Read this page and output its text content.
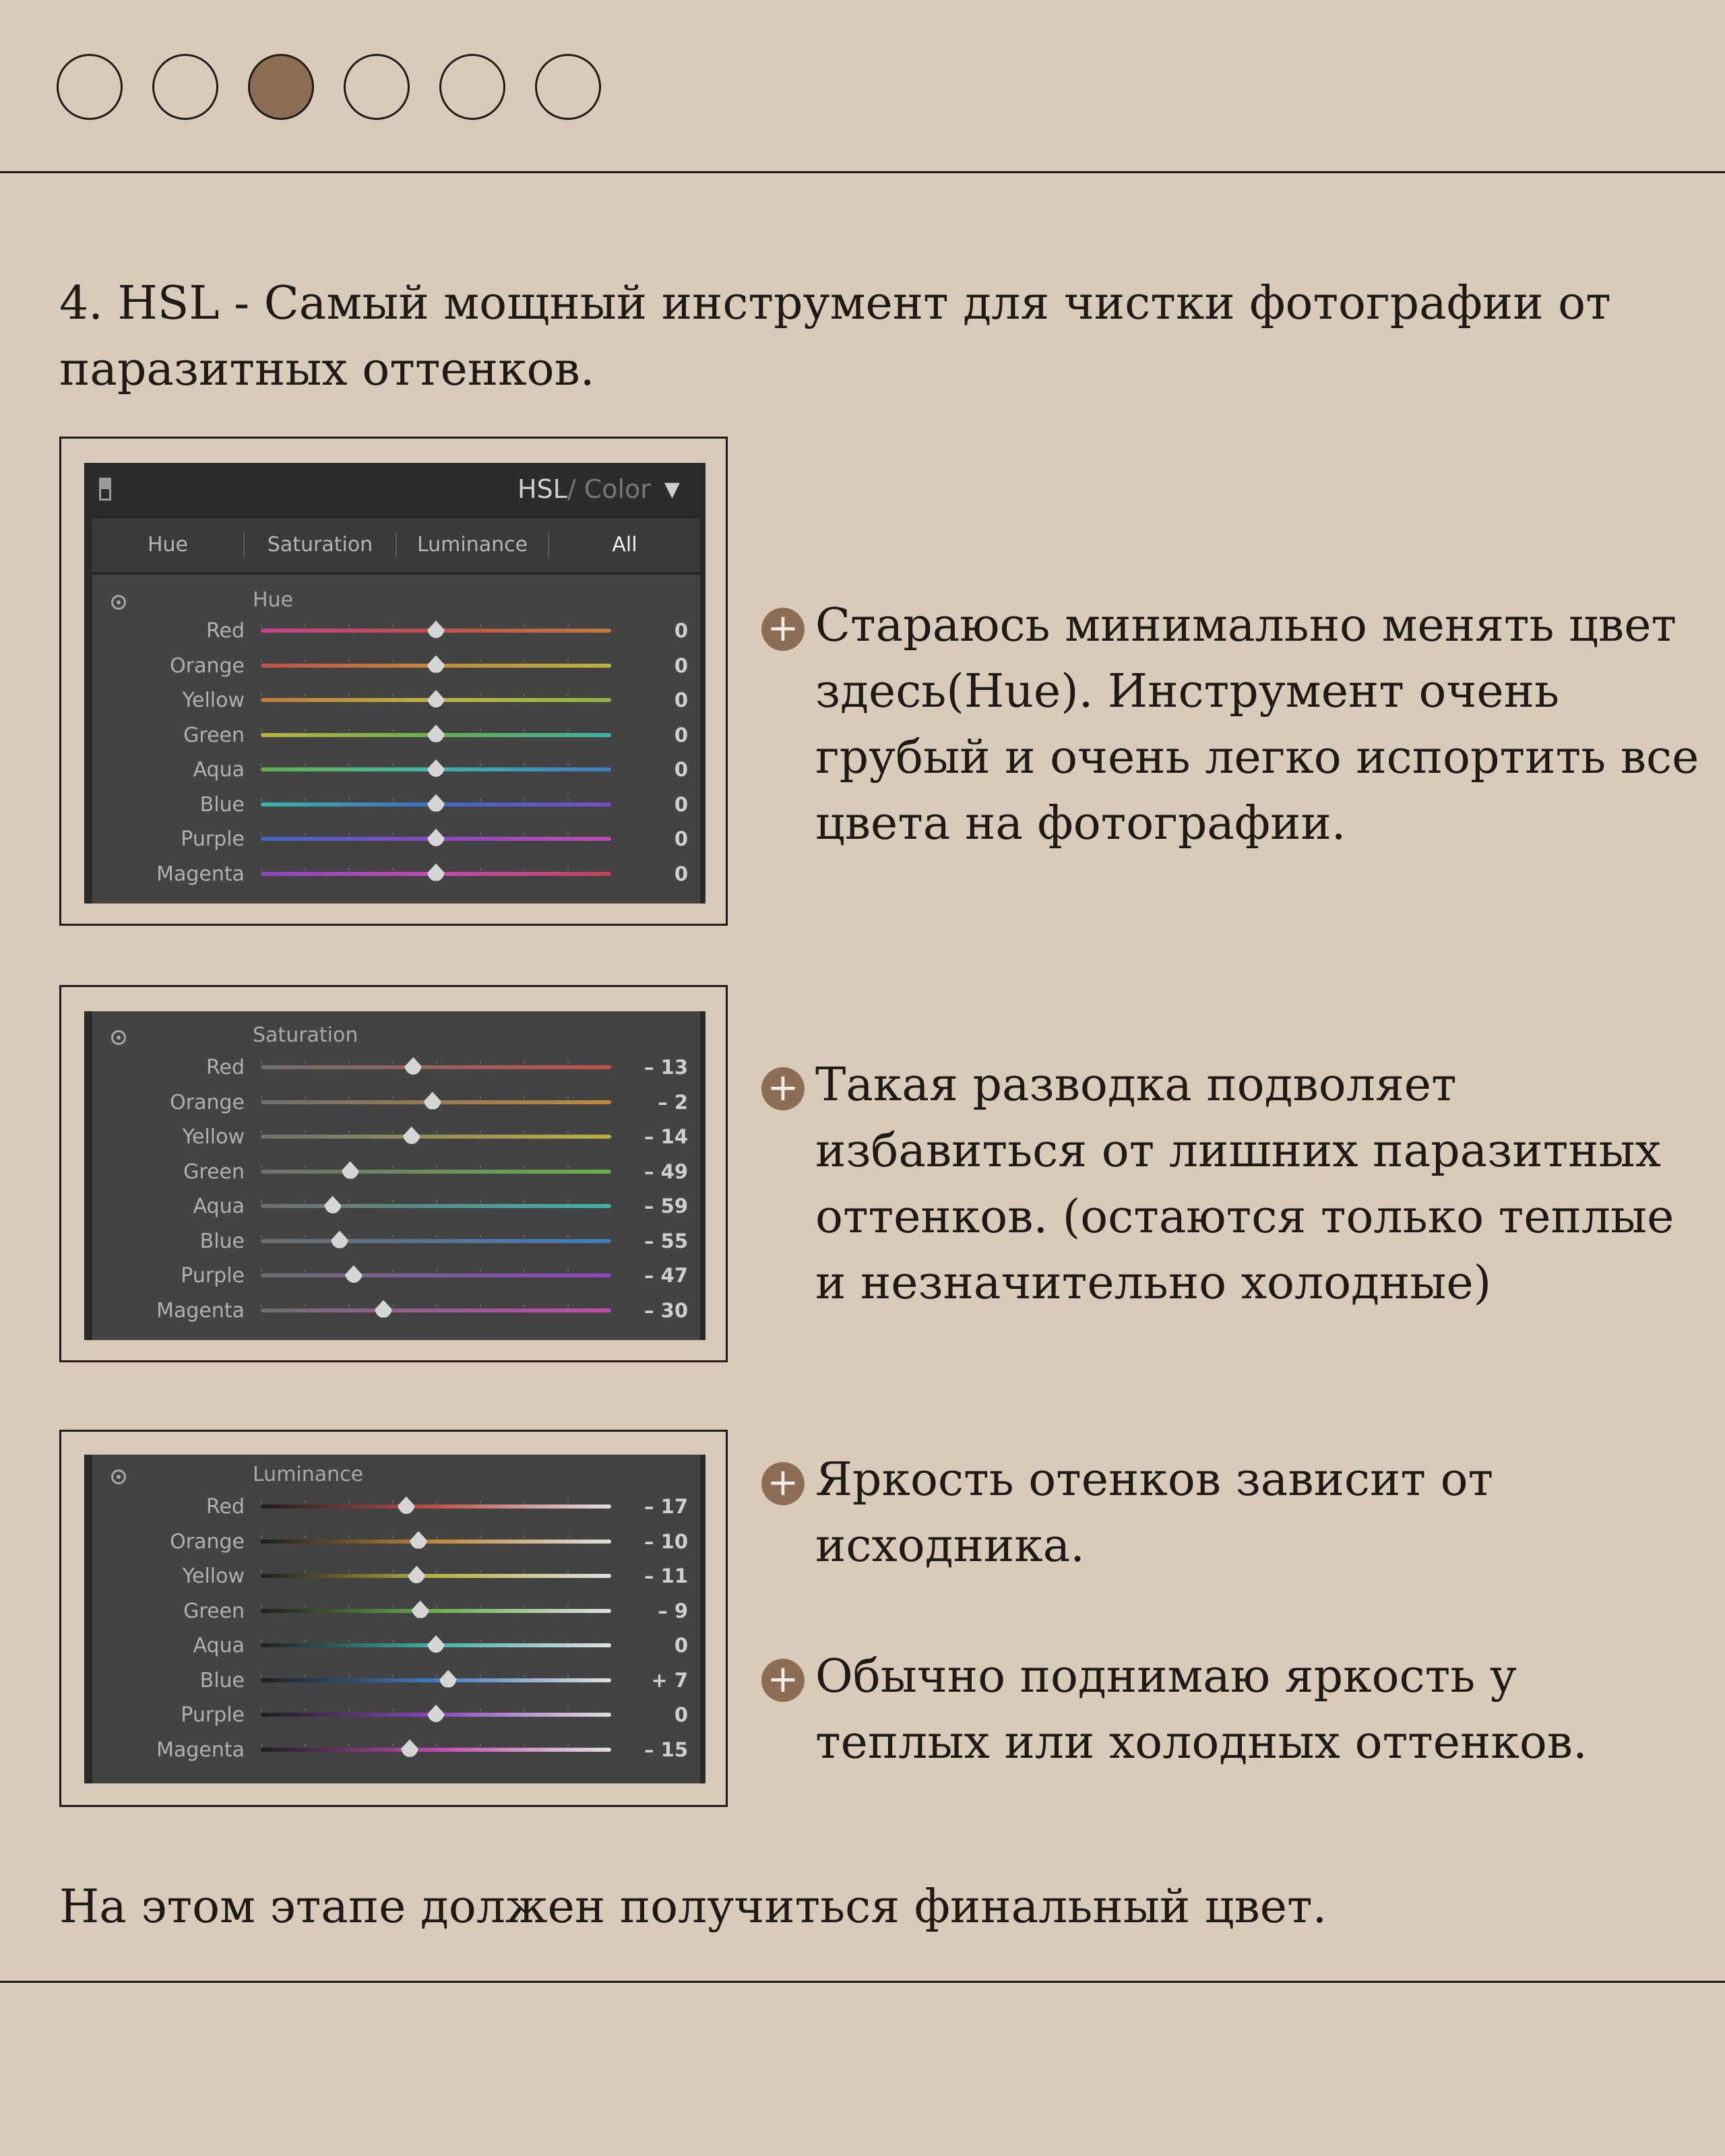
4. HSL - Самый мощный инструмент для чистки фотографии от паразитных оттенков.
HSL / Color ▼
Hue	Saturation	Luminance	All
Hue
Red	0
Orange	0
Yellow	0
Green	0
Aqua	0
Blue	0
Purple	0
Magenta	0
Saturation
Red	– 13
Orange	– 2
Yellow	– 14
Green	– 49
Aqua	– 59
Blue	– 55
Purple	– 47
Magenta	– 30
Luminance
Red	– 17
Orange	– 10
Yellow	– 11
Green	– 9
Aqua	0
Blue	+ 7
Purple	0
Magenta	– 15
+ Стараюсь минимально менять цвет здесь(Hue). Инструмент очень грубый и очень легко испортить все цвета на фотографии.

+ Такая разводка подволяет избавиться от лишних паразитных оттенков. (остаются только теплые и незначительно холодные)

+ Яркость отенков зависит от исходника.

+ Обычно поднимаю яркость у теплых или холодных оттенков.

На этом этапе должен получиться финальный цвет.
